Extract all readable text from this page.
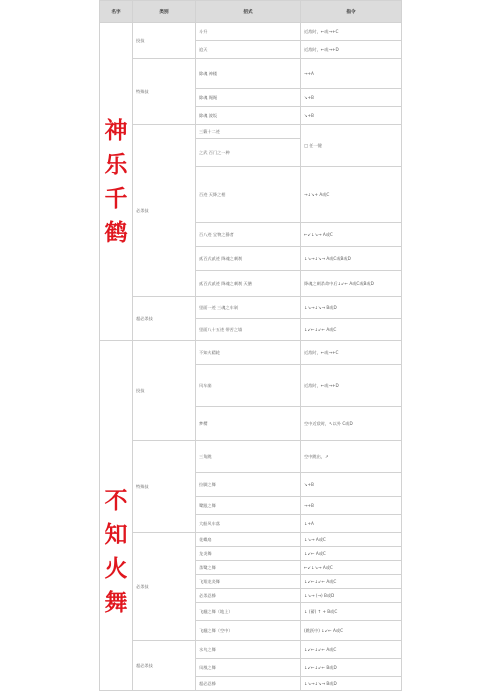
名字	类别	招式	指令

神
乐
千
鹤	投技	斗升	近敌时，←或→+C
		追天	近敌时，←或→+D
	特殊技	除魂 神楼	→+A
		除魂 绳绳	↘+B
		除魂 波坂	↘+B
	必杀技	三籁十二迹	□ 任一键
		之武 百门之一种	
		百迹 天降之相	→↓↘+ A或C
		百八迹 宝物之静者	←↙↓↘→ A或C
		贰百式贰迹 降魂之刺刹	↓↘→↓↘→ A或C或B或D
		贰百式贰迹 降魂之刺刹 天膳	降魂之刺杀命中后↓↙← A或C或B或D
	超必杀技	里面一迹 三魂之车剁	↓↘→↓↘→ B或D
		里面八十五迹 带苦之墙	↓↙←↓↙← A或C

不
知
火
舞	投技	不知火精轮	近敌时，←或→+C
		风车崩	近敌时，←或→+D
		梦樱	空中近敌时，↖以外 C或D
	特殊技	三角跳	空中跳出，↗
		拉脚之舞	↘+B
		鹭跟之舞	→+B
		大船风车落	↓+A
	必杀技	花蝶扇	↓↘→ A或C
		龙炎舞	↓↙← A或C
		杀鹭之舞	←↙↓↘→ A或C
		飞翔龙炎舞	↓↙←↓↙← A或C
		必杀忍蜂	↓↘→ (→) B或D
		飞翻之舞（地上）	↓ (蓄) ↑ + B或C
		飞翻之舞（空中）	(跳跃中) ↓↙← A或C
	超必杀技	水鸟之舞	↓↙←↓↙← A或C
		凤凰之舞	↓↙←↓↙← B或D
		超必忍蜂	↓↘→↓↘→ B或D
